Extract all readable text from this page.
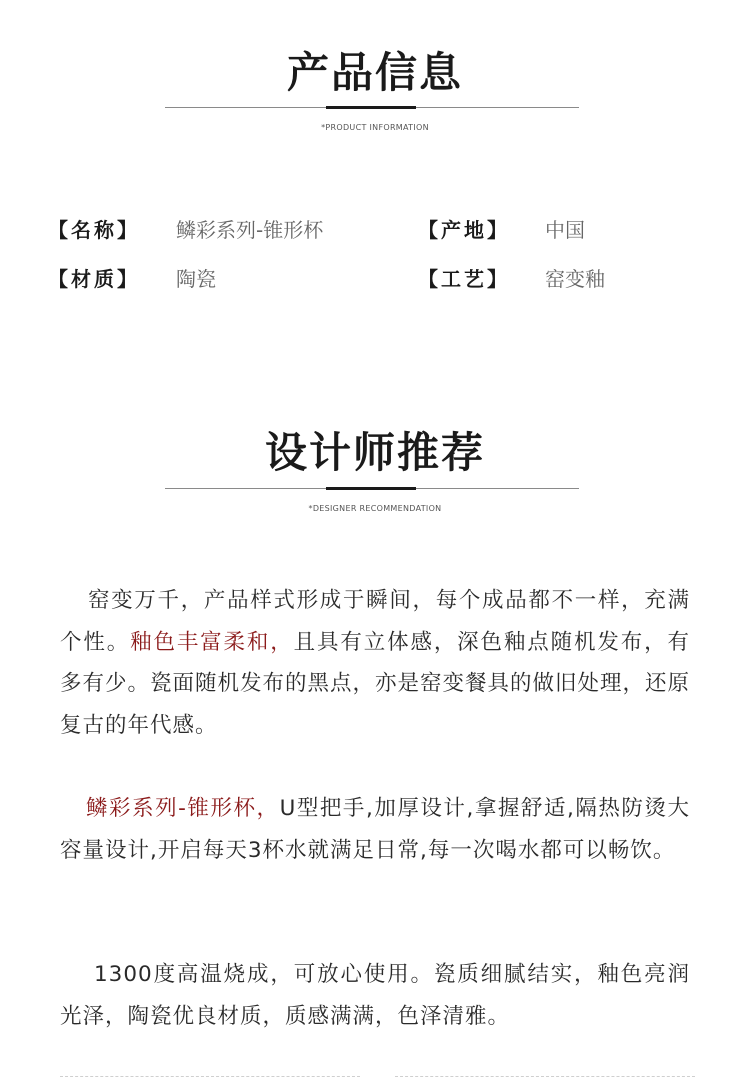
产品信息
*PRODUCT INFORMATION
【名称】 鳞彩系列-锥形杯	【产地】 中国
【材质】 陶瓷	【工艺】 窑变釉
设计师推荐
*DESIGNER RECOMMENDATION

窑变万千，产品样式形成于瞬间，每个成品都不一样，充满个性。釉色丰富柔和，且具有立体感，深色釉点随机发布，有多有少。瓷面随机发布的黑点，亦是窑变餐具的做旧处理，还原复古的年代感。

鳞彩系列-锥形杯，U型把手,加厚设计,拿握舒适,隔热防烫大容量设计,开启每天3杯水就满足日常,每一次喝水都可以畅饮。

1300度高温烧成，可放心使用。瓷质细腻结实，釉色亮润光泽，陶瓷优良材质，质感满满，色泽清雅。
